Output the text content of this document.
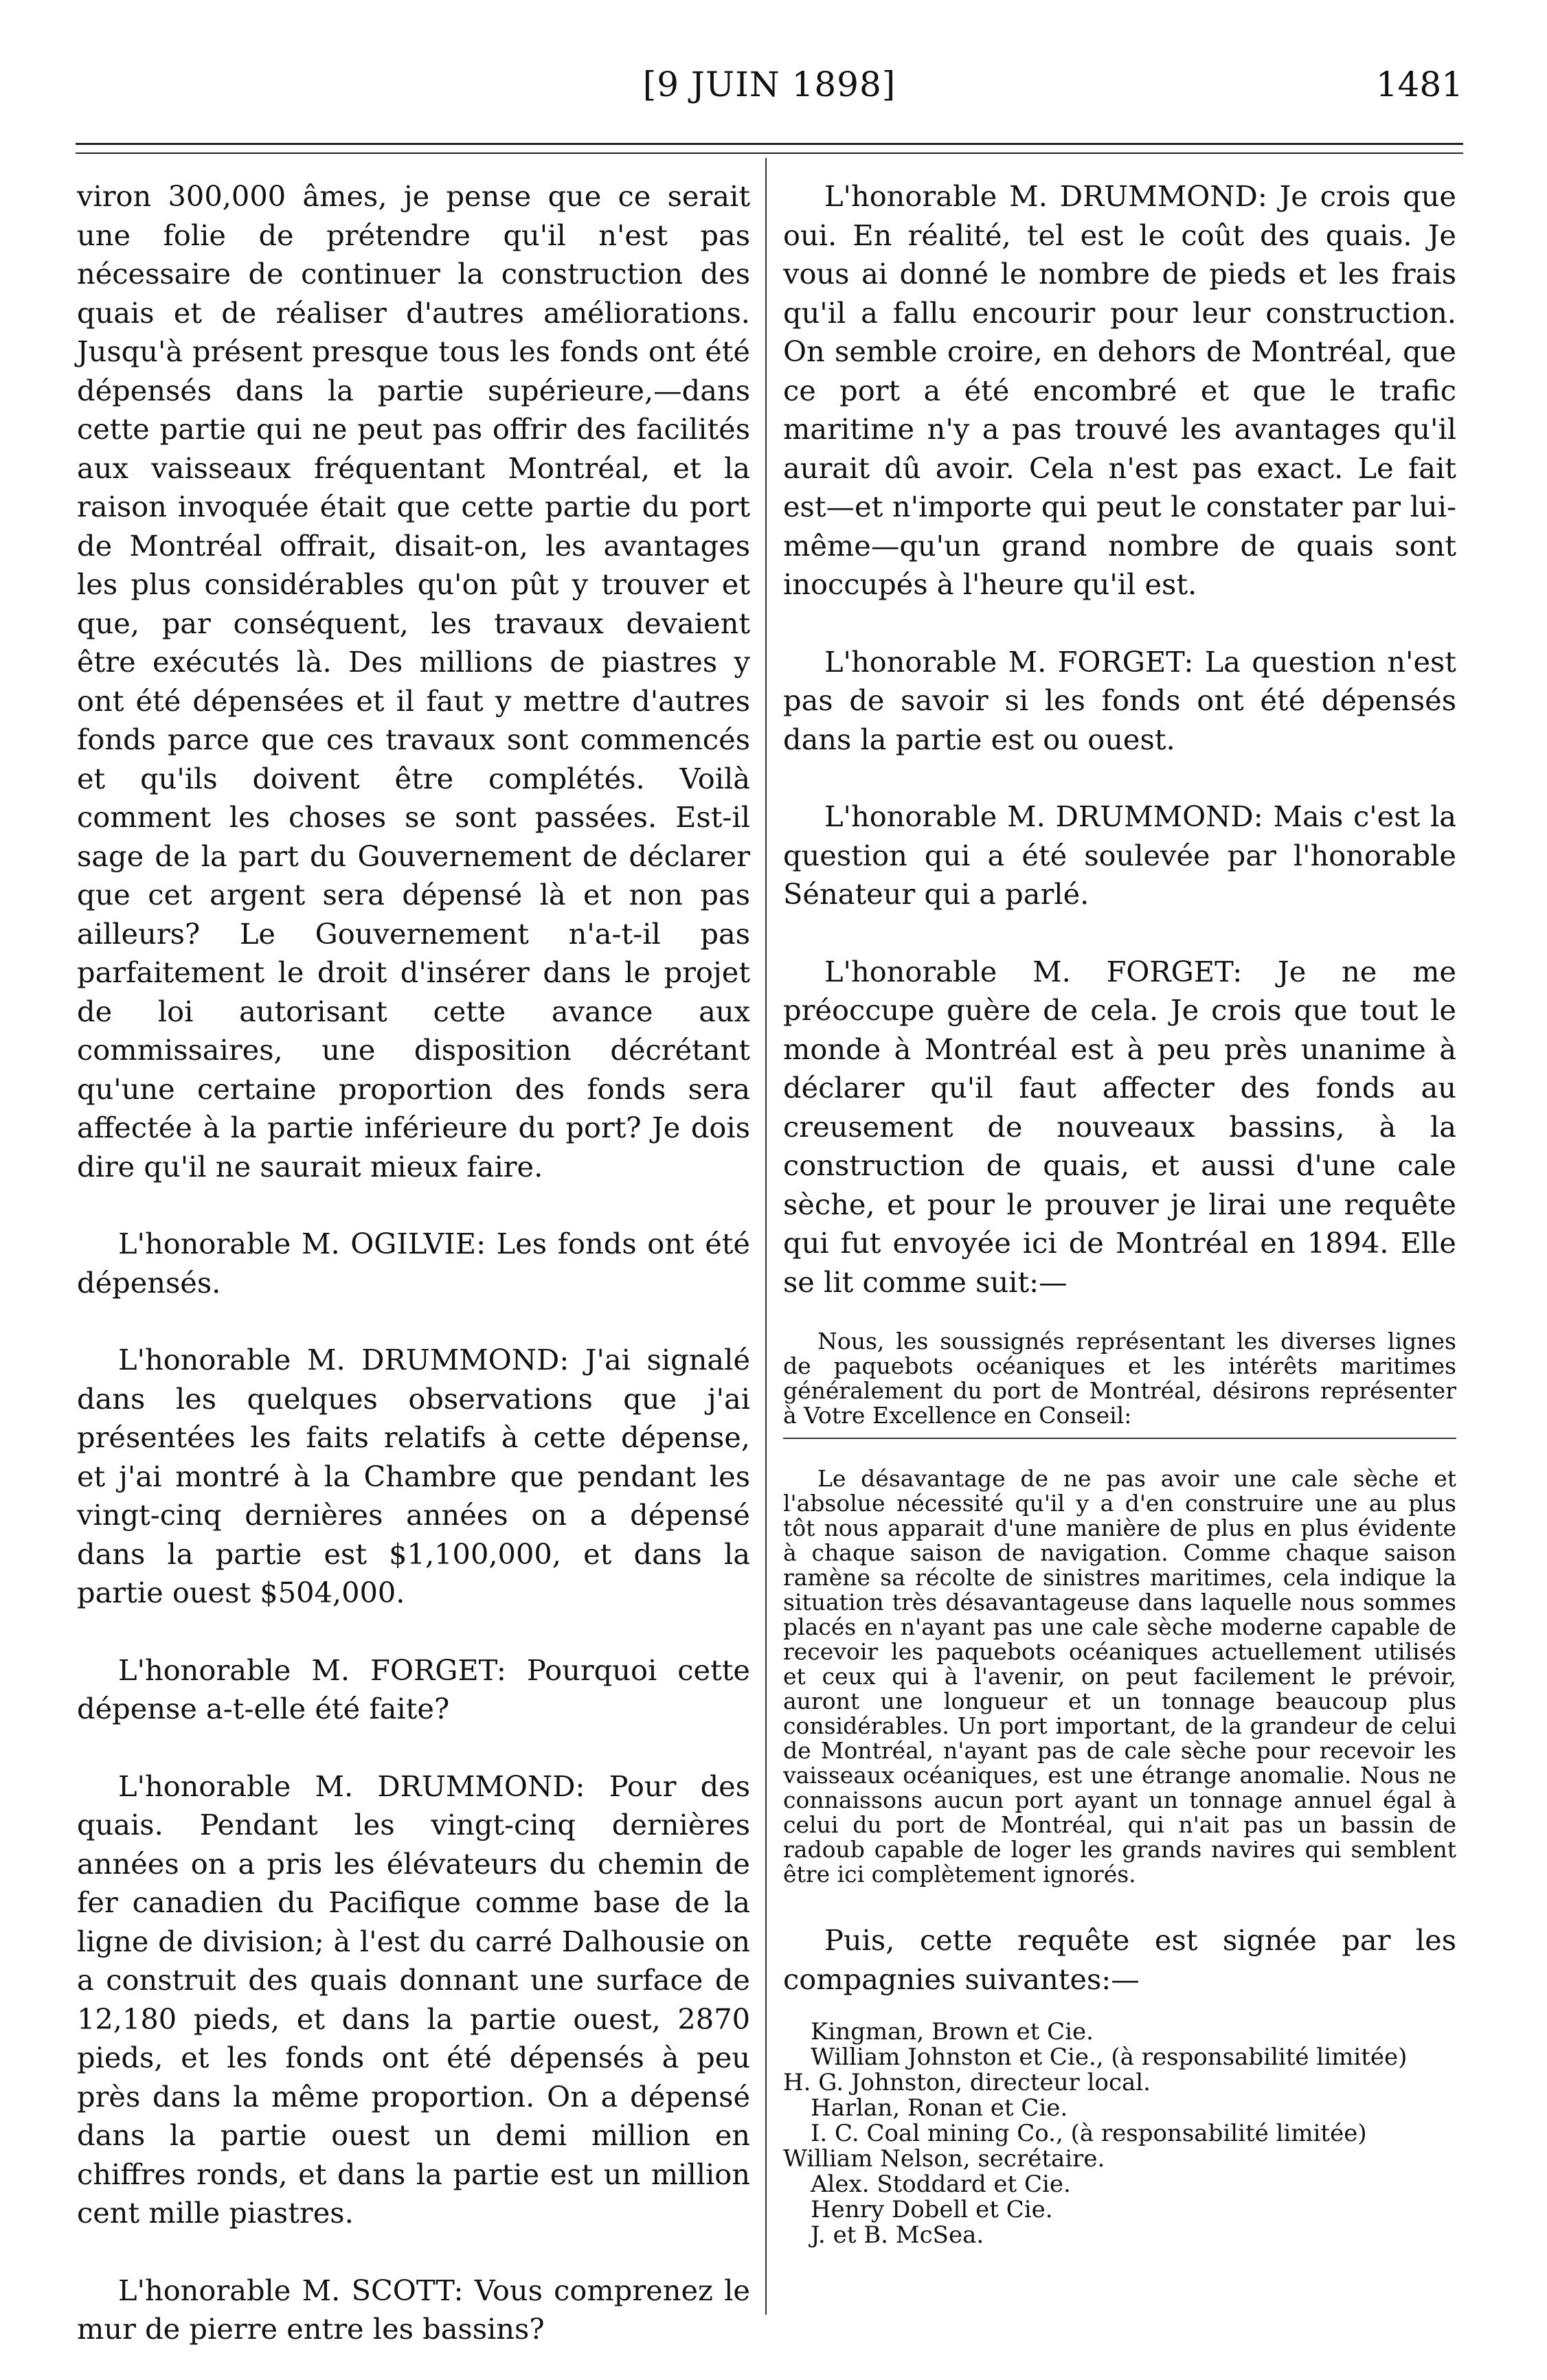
[9 JUIN 1898]	1481

viron 300,000 âmes, je pense que ce serait une folie de prétendre qu'il n'est pas nécessaire de continuer la construction des quais et de réaliser d'autres améliorations. Jusqu'à présent presque tous les fonds ont été dépensés dans la partie supérieure,—dans cette partie qui ne peut pas offrir des facilités aux vaisseaux fréquentant Montréal, et la raison invoquée était que cette partie du port de Montréal offrait, disait-on, les avantages les plus considérables qu'on pût y trouver et que, par conséquent, les travaux devaient être exécutés là. Des millions de piastres y ont été dépensées et il faut y mettre d'autres fonds parce que ces travaux sont commencés et qu'ils doivent être complétés. Voilà comment les choses se sont passées. Est-il sage de la part du Gouvernement de déclarer que cet argent sera dépensé là et non pas ailleurs? Le Gouvernement n'a-t-il pas parfaitement le droit d'insérer dans le projet de loi autorisant cette avance aux commissaires, une disposition décrétant qu'une certaine proportion des fonds sera affectée à la partie inférieure du port? Je dois dire qu'il ne saurait mieux faire.

L'honorable M. OGILVIE: Les fonds ont été dépensés.

L'honorable M. DRUMMOND: J'ai signalé dans les quelques observations que j'ai présentées les faits relatifs à cette dépense, et j'ai montré à la Chambre que pendant les vingt-cinq dernières années on a dépensé dans la partie est $1,100,000, et dans la partie ouest $504,000.

L'honorable M. FORGET: Pourquoi cette dépense a-t-elle été faite?

L'honorable M. DRUMMOND: Pour des quais. Pendant les vingt-cinq dernières années on a pris les élévateurs du chemin de fer canadien du Pacifique comme base de la ligne de division; à l'est du carré Dalhousie on a construit des quais donnant une surface de 12,180 pieds, et dans la partie ouest, 2870 pieds, et les fonds ont été dépensés à peu près dans la même proportion. On a dépensé dans la partie ouest un demi million en chiffres ronds, et dans la partie est un million cent mille piastres.

L'honorable M. SCOTT: Vous comprenez le mur de pierre entre les bassins?

L'honorable M. DRUMMOND: Je crois que oui. En réalité, tel est le coût des quais. Je vous ai donné le nombre de pieds et les frais qu'il a fallu encourir pour leur construction. On semble croire, en dehors de Montréal, que ce port a été encombré et que le trafic maritime n'y a pas trouvé les avantages qu'il aurait dû avoir. Cela n'est pas exact. Le fait est—et n'importe qui peut le constater par lui-même—qu'un grand nombre de quais sont inoccupés à l'heure qu'il est.

L'honorable M. FORGET: La question n'est pas de savoir si les fonds ont été dépensés dans la partie est ou ouest.

L'honorable M. DRUMMOND: Mais c'est la question qui a été soulevée par l'honorable Sénateur qui a parlé.

L'honorable M. FORGET: Je ne me préoccupe guère de cela. Je crois que tout le monde à Montréal est à peu près unanime à déclarer qu'il faut affecter des fonds au creusement de nouveaux bassins, à la construction de quais, et aussi d'une cale sèche, et pour le prouver je lirai une requête qui fut envoyée ici de Montréal en 1894. Elle se lit comme suit:—

Nous, les soussignés représentant les diverses lignes de paquebots océaniques et les intérêts maritimes généralement du port de Montréal, désirons représenter à Votre Excellence en Conseil:

Le désavantage de ne pas avoir une cale sèche et l'absolue nécessité qu'il y a d'en construire une au plus tôt nous apparait d'une manière de plus en plus évidente à chaque saison de navigation. Comme chaque saison ramène sa récolte de sinistres maritimes, cela indique la situation très désavantageuse dans laquelle nous sommes placés en n'ayant pas une cale sèche moderne capable de recevoir les paquebots océaniques actuellement utilisés et ceux qui à l'avenir, on peut facilement le prévoir, auront une longueur et un tonnage beaucoup plus considérables. Un port important, de la grandeur de celui de Montréal, n'ayant pas de cale sèche pour recevoir les vaisseaux océaniques, est une étrange anomalie. Nous ne connaissons aucun port ayant un tonnage annuel égal à celui du port de Montréal, qui n'ait pas un bassin de radoub capable de loger les grands navires qui semblent être ici complètement ignorés.

Puis, cette requête est signée par les compagnies suivantes:—

Kingman, Brown et Cie.
William Johnston et Cie., (à responsabilité limitée)
H. G. Johnston, directeur local.
Harlan, Ronan et Cie.
I. C. Coal mining Co., (à responsabilité limitée)
William Nelson, secrétaire.
Alex. Stoddard et Cie.
Henry Dobell et Cie.
J. et B. McSea.
